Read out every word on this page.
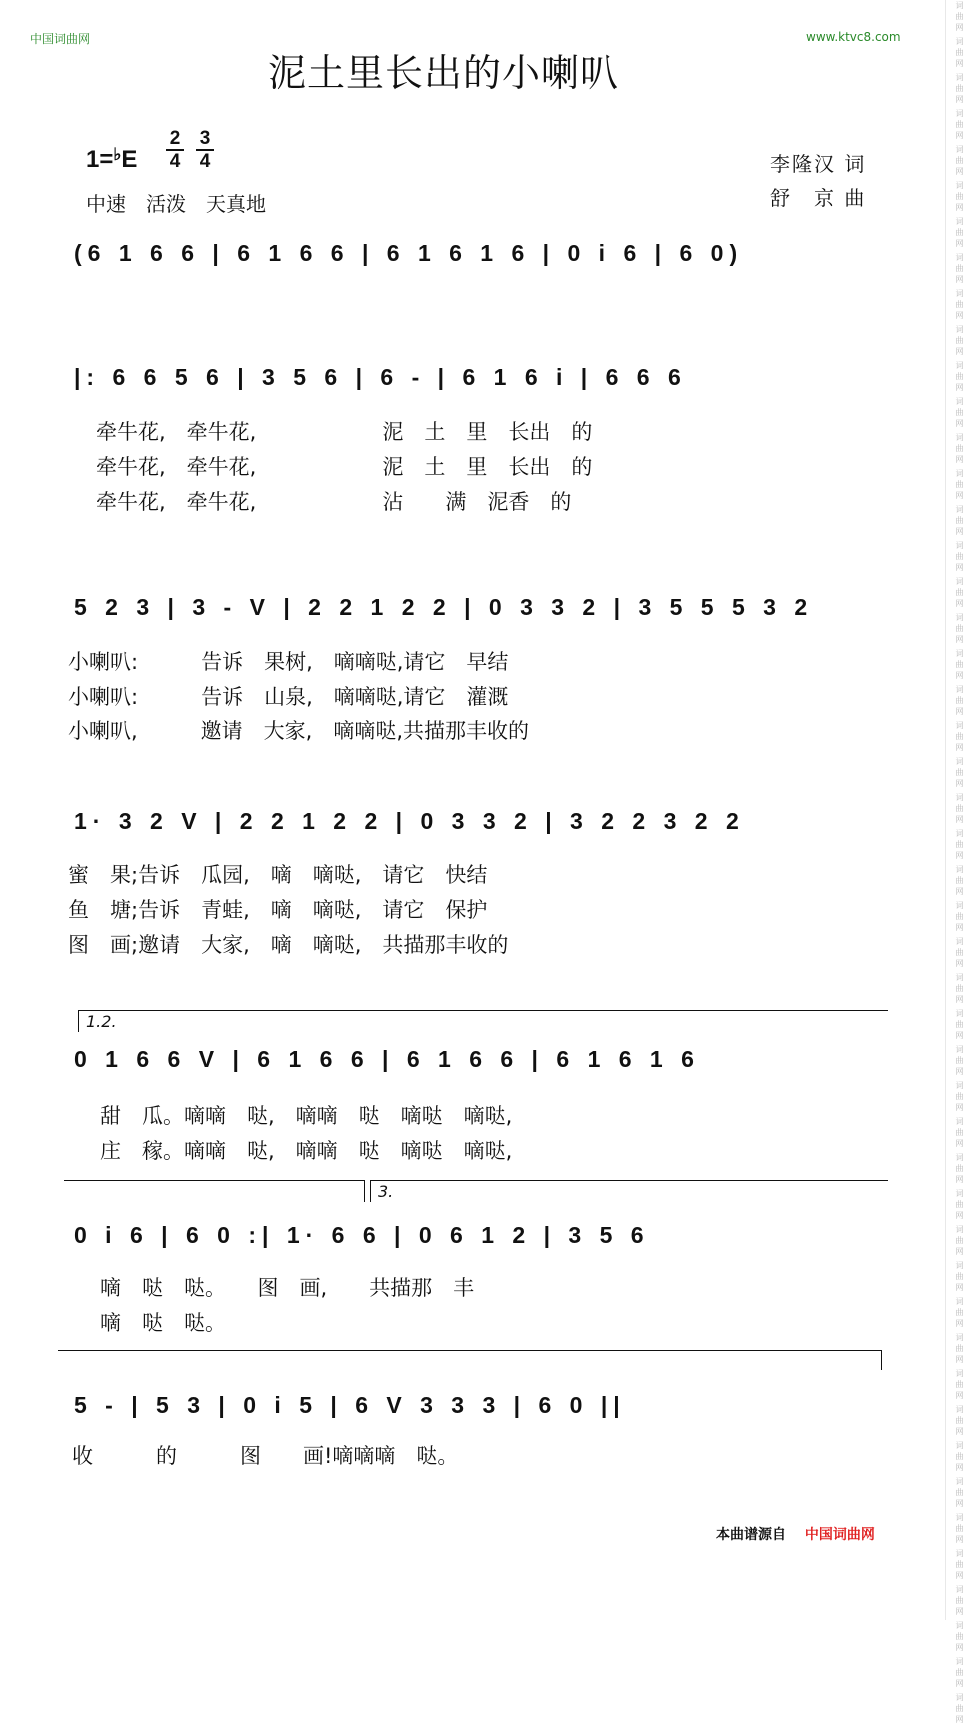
词
曲
网
词
曲
网
词
曲
网
词
曲
网
词
曲
网
词
曲
网
词
曲
网
词
曲
网
词
曲
网
词
曲
网
词
曲
网
词
曲
网
词
曲
网
词
曲
网
词
曲
网
词
曲
网
词
曲
网
词
曲
网
词
曲
网
词
曲
网
词
曲
网
词
曲
网
词
曲
网
词
曲
网
词
曲
网
词
曲
网
词
曲
网
词
曲
网
词
曲
网
词
曲
网
词
曲
网
词
曲
网
词
曲
网
词
曲
网
词
曲
网
词
曲
网
词
曲
网
词
曲
网
词
曲
网
词
曲
网
词
曲
网
词
曲
网
词
曲
网
词
曲
网
词
曲
网
词
曲
网
词
曲
网
词
曲
网
中国词曲网	www.ktvc8.com
泥土里长出的小喇叭
1=♭E
2
4
3
4
中速　活泼　天真地
李隆汉 词
舒　京 曲
(6 1 6 6 | 6 1 6 6 | 6 1 6 1 6 | 0 i 6 | 6 0)
|: 6 6 5 6 | 3 5 6 | 6 - | 6 1 6 i | 6 6 6
牵牛花,　牵牛花,　　　　　　泥　土　里　长出　的
牵牛花,　牵牛花,　　　　　　泥　土　里　长出　的
牵牛花,　牵牛花,　　　　　　沾　　满　泥香　的
5 2 3 | 3 - V | 2 2 1 2 2 | 0 3 3 2 | 3 5 5 5 3 2
小喇叭:　　　告诉　果树,　嘀嘀哒,请它　早结
小喇叭:　　　告诉　山泉,　嘀嘀哒,请它　灌溉
小喇叭,　　　邀请　大家,　嘀嘀哒,共描那丰收的
1· 3 2 V | 2 2 1 2 2 | 0 3 3 2 | 3 2 2 3 2 2
蜜　果;告诉　瓜园,　嘀　嘀哒,　请它　快结
鱼　塘;告诉　青蛙,　嘀　嘀哒,　请它　保护
图　画;邀请　大家,　嘀　嘀哒,　共描那丰收的
1.2.
0 1 6 6 V | 6 1 6 6 | 6 1 6 6 | 6 1 6 1 6
甜　瓜。嘀嘀　哒,　嘀嘀　哒　嘀哒　嘀哒,
庄　稼。嘀嘀　哒,　嘀嘀　哒　嘀哒　嘀哒,
3.
0 i 6 | 6 0 :| 1· 6 6 | 0 6 1 2 | 3 5 6
嘀　哒　哒。　　图　画,　　共描那　丰
嘀　哒　哒。
5 - | 5 3 | 0 i 5 | 6 V 3 3 3 | 6 0 ||
收　　　的　　　图　　画!嘀嘀嘀　哒。
本曲谱源自 中国词曲网
